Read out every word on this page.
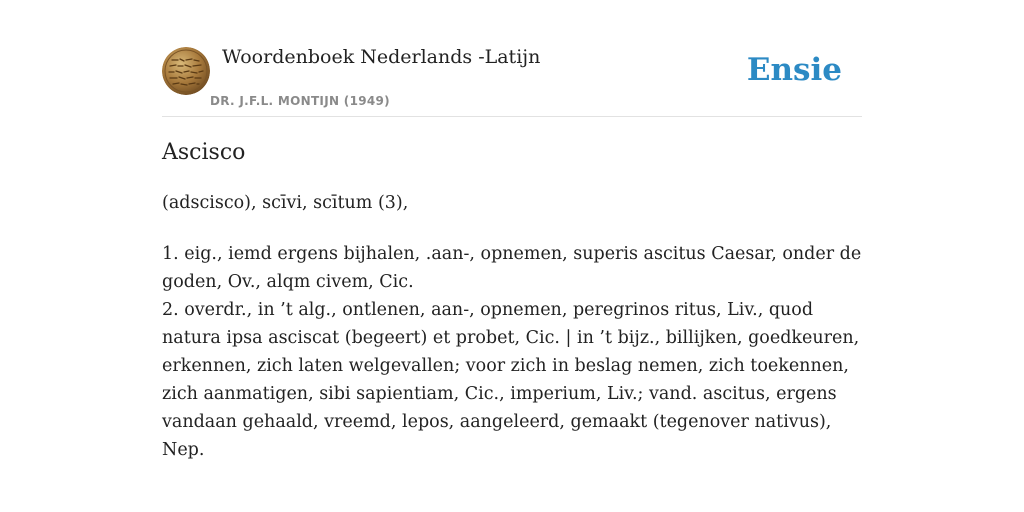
Woordenboek Nederlands -Latijn
DR. J.F.L. MONTIJN (1949)
Ensie
Ascisco

(adscisco), scīvi, scītum (3),

1. eig., iemd ergens bijhalen, .aan-, opnemen, superis ascitus Caesar, onder de goden, Ov., alqm civem, Cic.
2. overdr., in ’t alg., ontlenen, aan-, opnemen, peregrinos ritus, Liv., quod natura ipsa asciscat (begeert) et probet, Cic. | in ’t bijz., billijken, goedkeuren, erkennen, zich laten welgevallen; voor zich in beslag nemen, zich toekennen, zich aanmatigen, sibi sapientiam, Cic., imperium, Liv.; vand. ascitus, ergens vandaan gehaald, vreemd, lepos, aangeleerd, gemaakt (tegenover nativus), Nep.
